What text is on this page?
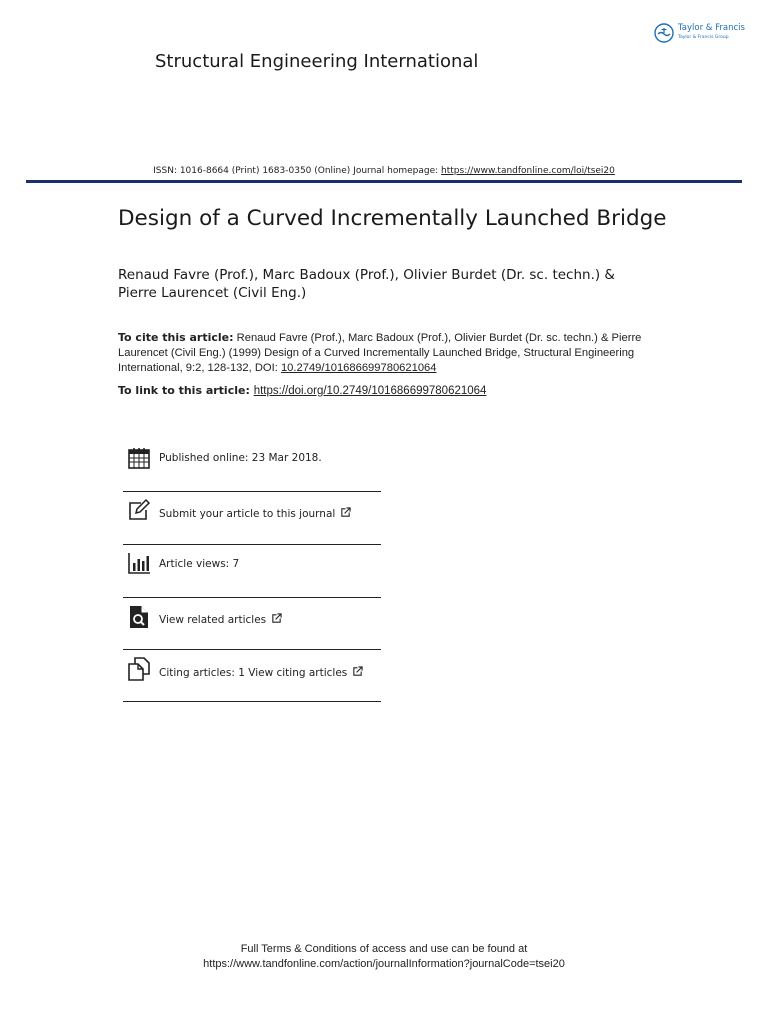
Structural Engineering International
Taylor & Francis
Taylor & Francis Group
ISSN: 1016-8664 (Print) 1683-0350 (Online) Journal homepage: https://www.tandfonline.com/loi/tsei20
Design of a Curved Incrementally Launched Bridge
Renaud Favre (Prof.), Marc Badoux (Prof.), Olivier Burdet (Dr. sc. techn.) &
Pierre Laurencet (Civil Eng.)
To cite this article: Renaud Favre (Prof.), Marc Badoux (Prof.), Olivier Burdet (Dr. sc. techn.) & Pierre Laurencet (Civil Eng.) (1999) Design of a Curved Incrementally Launched Bridge, Structural Engineering International, 9:2, 128-132, DOI: 10.2749/101686699780621064
To link to this article: https://doi.org/10.2749/101686699780621064
Published online: 23 Mar 2018.
Submit your article to this journal
Article views: 7
View related articles
Citing articles: 1 View citing articles
Full Terms & Conditions of access and use can be found at
https://www.tandfonline.com/action/journalInformation?journalCode=tsei20
